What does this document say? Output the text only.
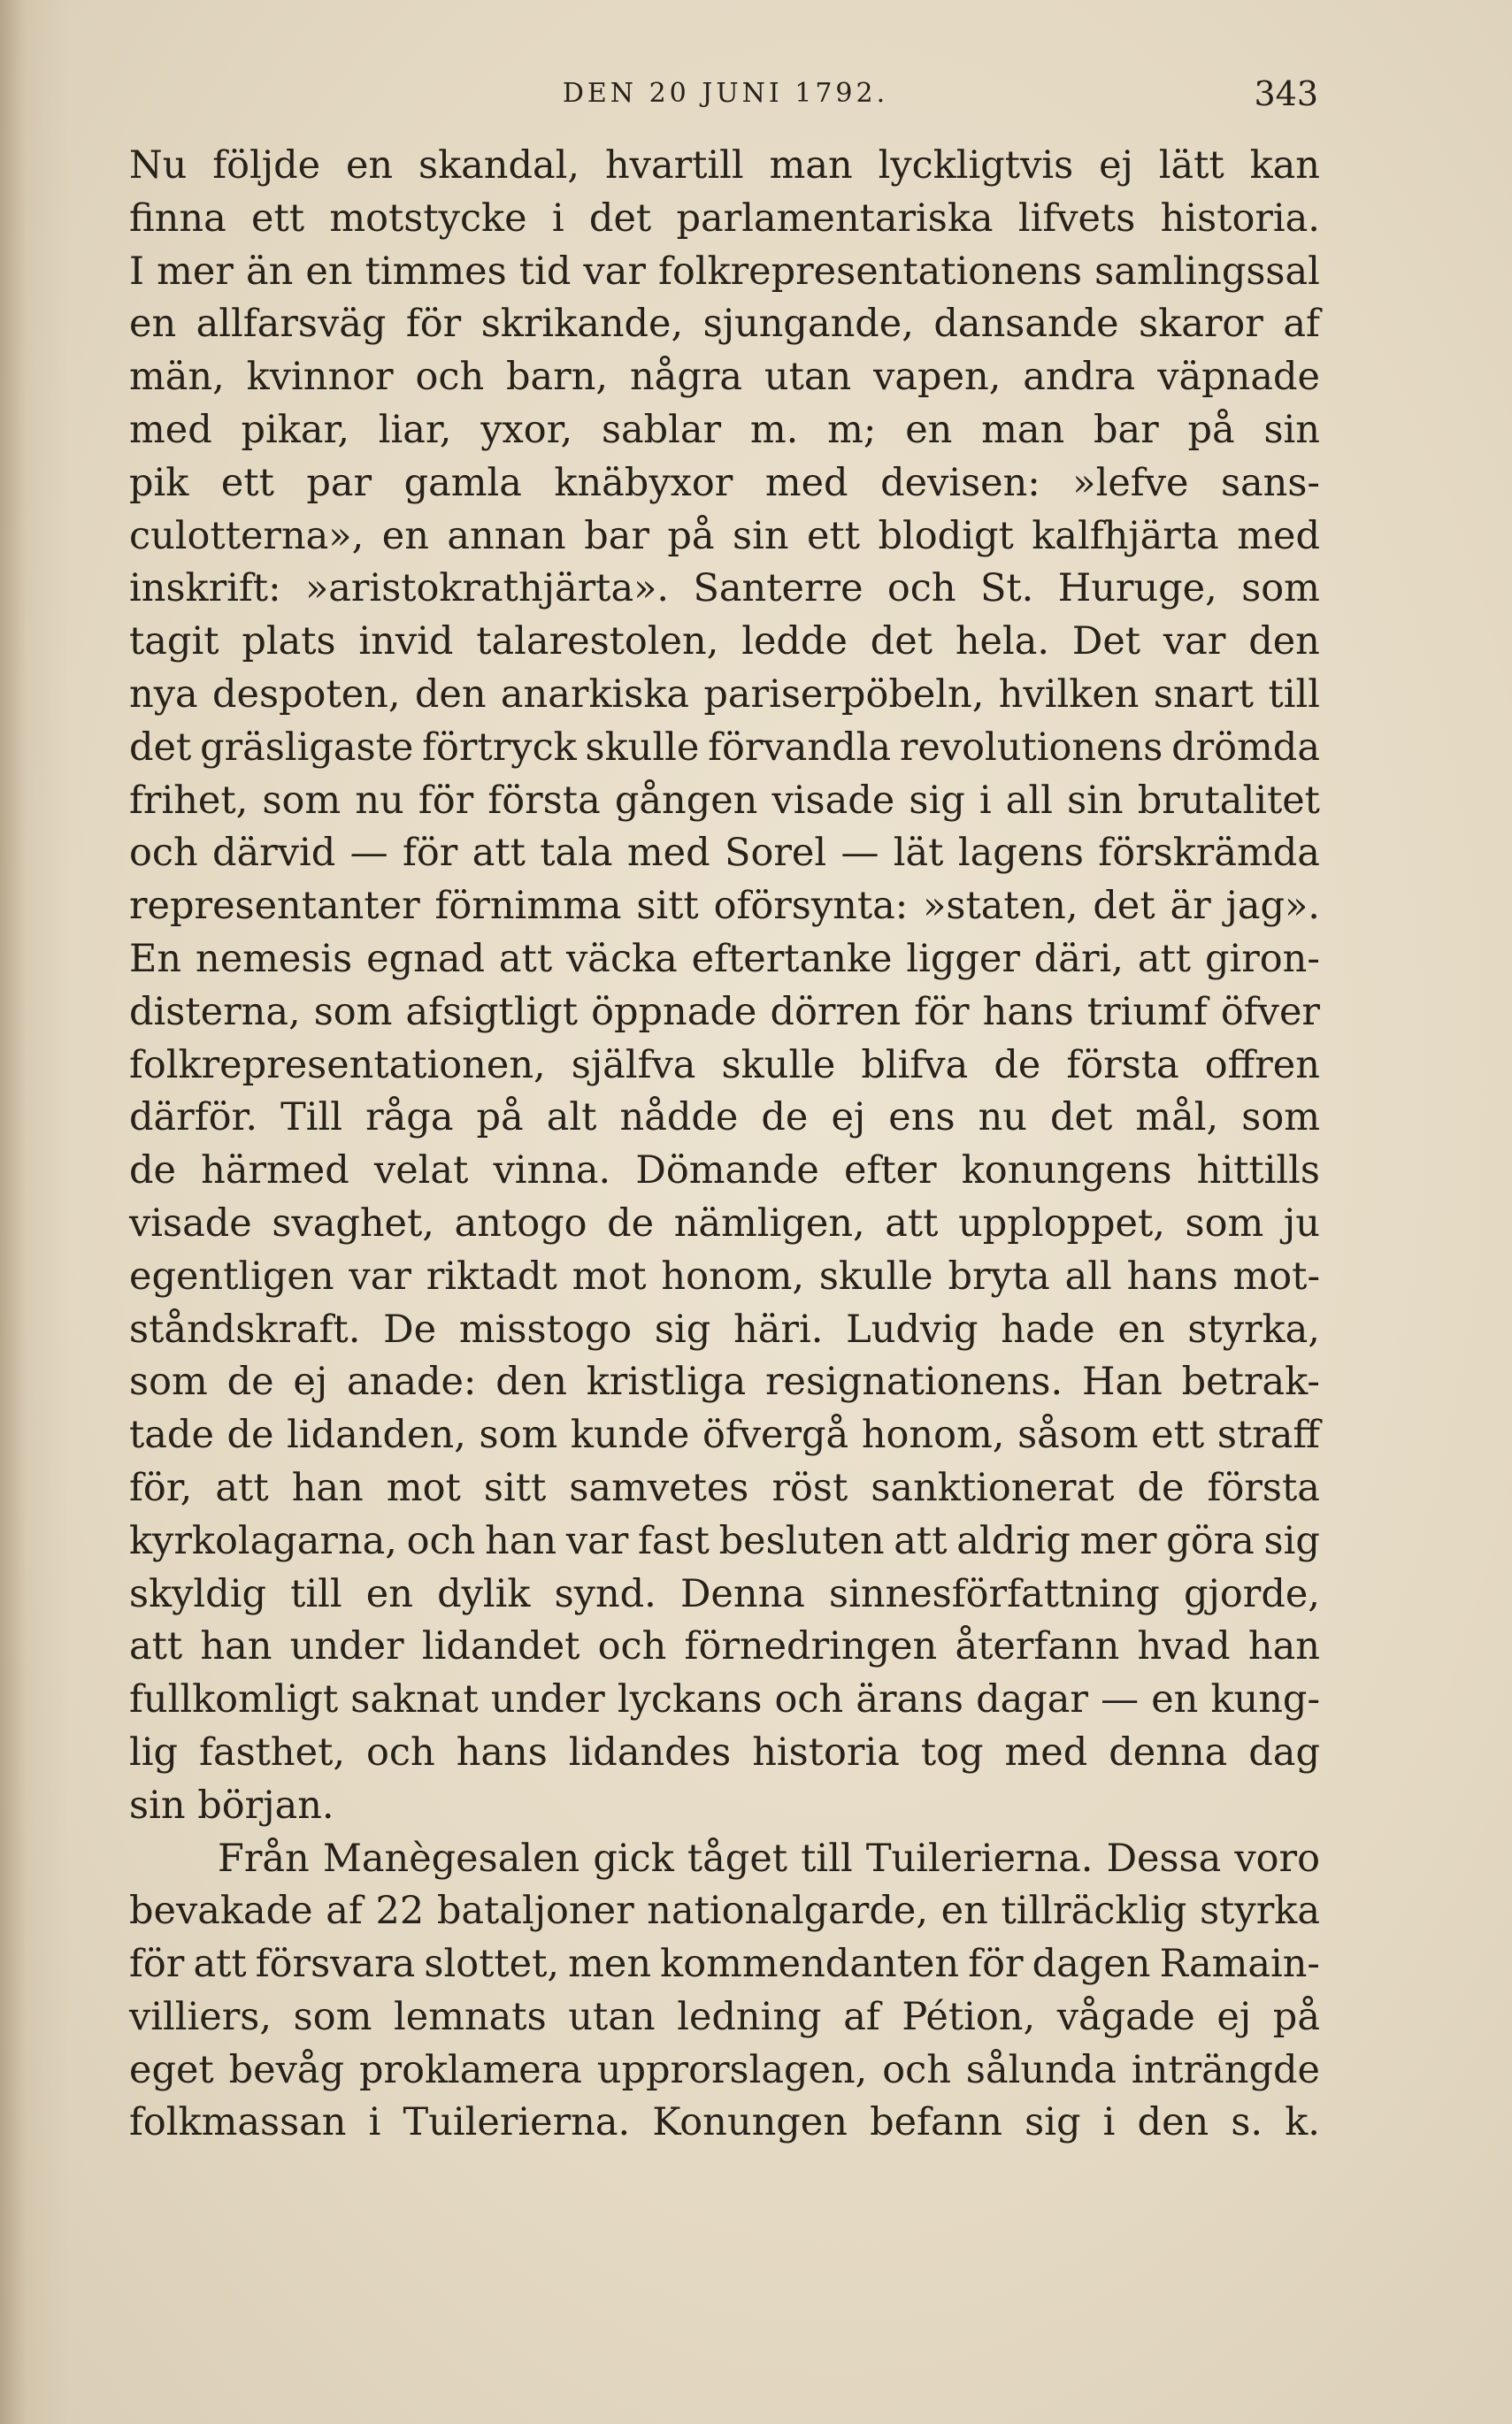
DEN 20 JUNI 1792.	343
Nu följde en skandal, hvartill man lyckligtvis ej lätt kan
finna ett motstycke i det parlamentariska lifvets historia.
I mer än en timmes tid var folkrepresentationens samlingssal
en allfarsväg för skrikande, sjungande, dansande skaror af
män, kvinnor och barn, några utan vapen, andra väpnade
med pikar, liar, yxor, sablar m. m; en man bar på sin
pik ett par gamla knäbyxor med devisen: »lefve sans-
culotterna», en annan bar på sin ett blodigt kalfhjärta med
inskrift: »aristokrathjärta». Santerre och St. Huruge, som
tagit plats invid talarestolen, ledde det hela. Det var den
nya despoten, den anarkiska pariserpöbeln, hvilken snart till
det gräsligaste förtryck skulle förvandla revolutionens drömda
frihet, som nu för första gången visade sig i all sin brutalitet
och därvid — för att tala med Sorel — lät lagens förskrämda
representanter förnimma sitt oförsynta: »staten, det är jag».
En nemesis egnad att väcka eftertanke ligger däri, att giron-
disterna, som afsigtligt öppnade dörren för hans triumf öfver
folkrepresentationen, själfva skulle blifva de första offren
därför. Till råga på alt nådde de ej ens nu det mål, som
de härmed velat vinna. Dömande efter konungens hittills
visade svaghet, antogo de nämligen, att upploppet, som ju
egentligen var riktadt mot honom, skulle bryta all hans mot-
ståndskraft. De misstogo sig häri. Ludvig hade en styrka,
som de ej anade: den kristliga resignationens. Han betrak-
tade de lidanden, som kunde öfvergå honom, såsom ett straff
för, att han mot sitt samvetes röst sanktionerat de första
kyrkolagarna, och han var fast besluten att aldrig mer göra sig
skyldig till en dylik synd. Denna sinnesförfattning gjorde,
att han under lidandet och förnedringen återfann hvad han
fullkomligt saknat under lyckans och ärans dagar — en kung-
lig fasthet, och hans lidandes historia tog med denna dag
sin början.
Från Manègesalen gick tåget till Tuilerierna. Dessa voro
bevakade af 22 bataljoner nationalgarde, en tillräcklig styrka
för att försvara slottet, men kommendanten för dagen Ramain-
villiers, som lemnats utan ledning af Pétion, vågade ej på
eget bevåg proklamera upprorslagen, och sålunda inträngde
folkmassan i Tuilerierna. Konungen befann sig i den s. k.
